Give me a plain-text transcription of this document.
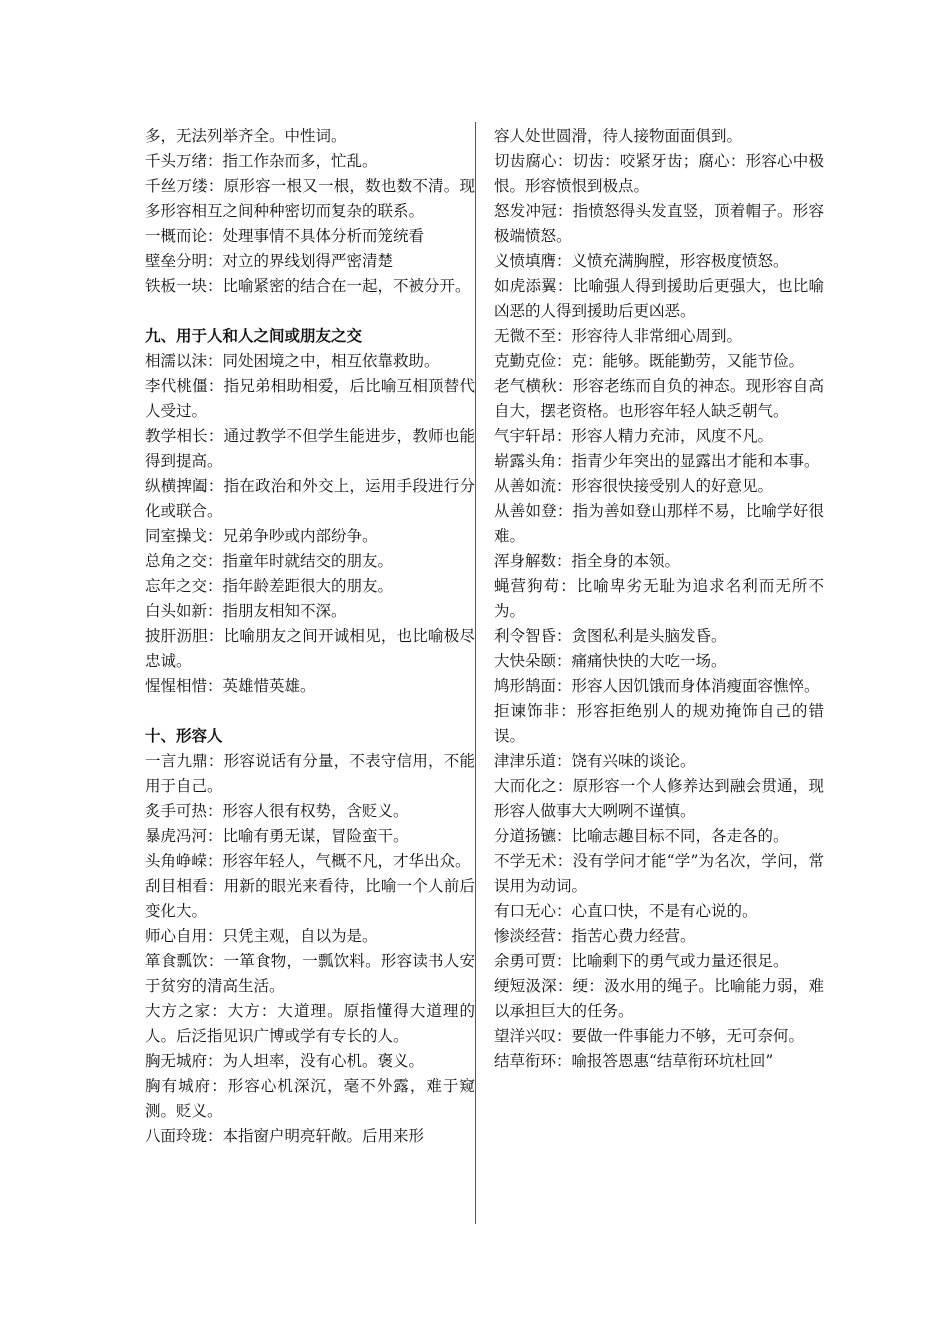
多，无法列举齐全。中性词。

千头万绪：指工作杂而多，忙乱。

千丝万缕：原形容一根又一根，数也数不清。现多形容相互之间种种密切而复杂的联系。

一概而论：处理事情不具体分析而笼统看

壁垒分明：对立的界线划得严密清楚

铁板一块：比喻紧密的结合在一起，不被分开。

九、用于人和人之间或朋友之交

相濡以沫：同处困境之中，相互依靠救助。

李代桃僵：指兄弟相助相爱，后比喻互相顶替代人受过。

教学相长：通过教学不但学生能进步，教师也能得到提高。

纵横捭阖：指在政治和外交上，运用手段进行分化或联合。

同室操戈：兄弟争吵或内部纷争。

总角之交：指童年时就结交的朋友。

忘年之交：指年龄差距很大的朋友。

白头如新：指朋友相知不深。

披肝沥胆：比喻朋友之间开诚相见，也比喻极尽忠诚。

惺惺相惜：英雄惜英雄。

十、形容人

一言九鼎：形容说话有分量，不表守信用，不能用于自己。

炙手可热：形容人很有权势，含贬义。

暴虎冯河：比喻有勇无谋，冒险蛮干。

头角峥嵘：形容年轻人，气概不凡，才华出众。

刮目相看：用新的眼光来看待，比喻一个人前后变化大。

师心自用：只凭主观，自以为是。

箪食瓢饮：一箪食物，一瓢饮料。形容读书人安于贫穷的清高生活。

大方之家：大方：大道理。原指懂得大道理的人。后泛指见识广博或学有专长的人。

胸无城府：为人坦率，没有心机。褒义。

胸有城府：形容心机深沉，毫不外露，难于窥测。贬义。

八面玲珑：本指窗户明亮轩敞。后用来形

容人处世圆滑，待人接物面面俱到。

切齿腐心：切齿：咬紧牙齿；腐心：形容心中极恨。形容愤恨到极点。

怒发冲冠：指愤怒得头发直竖，顶着帽子。形容极端愤怒。

义愤填膺：义愤充满胸膛，形容极度愤怒。

如虎添翼：比喻强人得到援助后更强大，也比喻凶恶的人得到援助后更凶恶。

无微不至：形容待人非常细心周到。

克勤克俭：克：能够。既能勤劳，又能节俭。

老气横秋：形容老练而自负的神态。现形容自高自大，摆老资格。也形容年轻人缺乏朝气。

气宇轩昂：形容人精力充沛，风度不凡。

崭露头角：指青少年突出的显露出才能和本事。

从善如流：形容很快接受别人的好意见。

从善如登：指为善如登山那样不易，比喻学好很难。

浑身解数：指全身的本领。

蝇营狗苟：比喻卑劣无耻为追求名利而无所不为。

利令智昏：贪图私利是头脑发昏。

大快朵颐：痛痛快快的大吃一场。

鸠形鹄面：形容人因饥饿而身体消瘦面容憔悴。

拒谏饰非：形容拒绝别人的规劝掩饰自己的错误。

津津乐道：饶有兴味的谈论。

大而化之：原形容一个人修养达到融会贯通，现形容人做事大大咧咧不谨慎。

分道扬镳：比喻志趣目标不同，各走各的。

不学无术：没有学问才能“学”为名次，学问，常误用为动词。

有口无心：心直口快，不是有心说的。

惨淡经营：指苦心费力经营。

余勇可贾：比喻剩下的勇气或力量还很足。

绠短汲深：绠：汲水用的绳子。比喻能力弱，难以承担巨大的任务。

望洋兴叹：要做一件事能力不够，无可奈何。

结草衔环：喻报答恩惠“结草衔环坑杜回”
